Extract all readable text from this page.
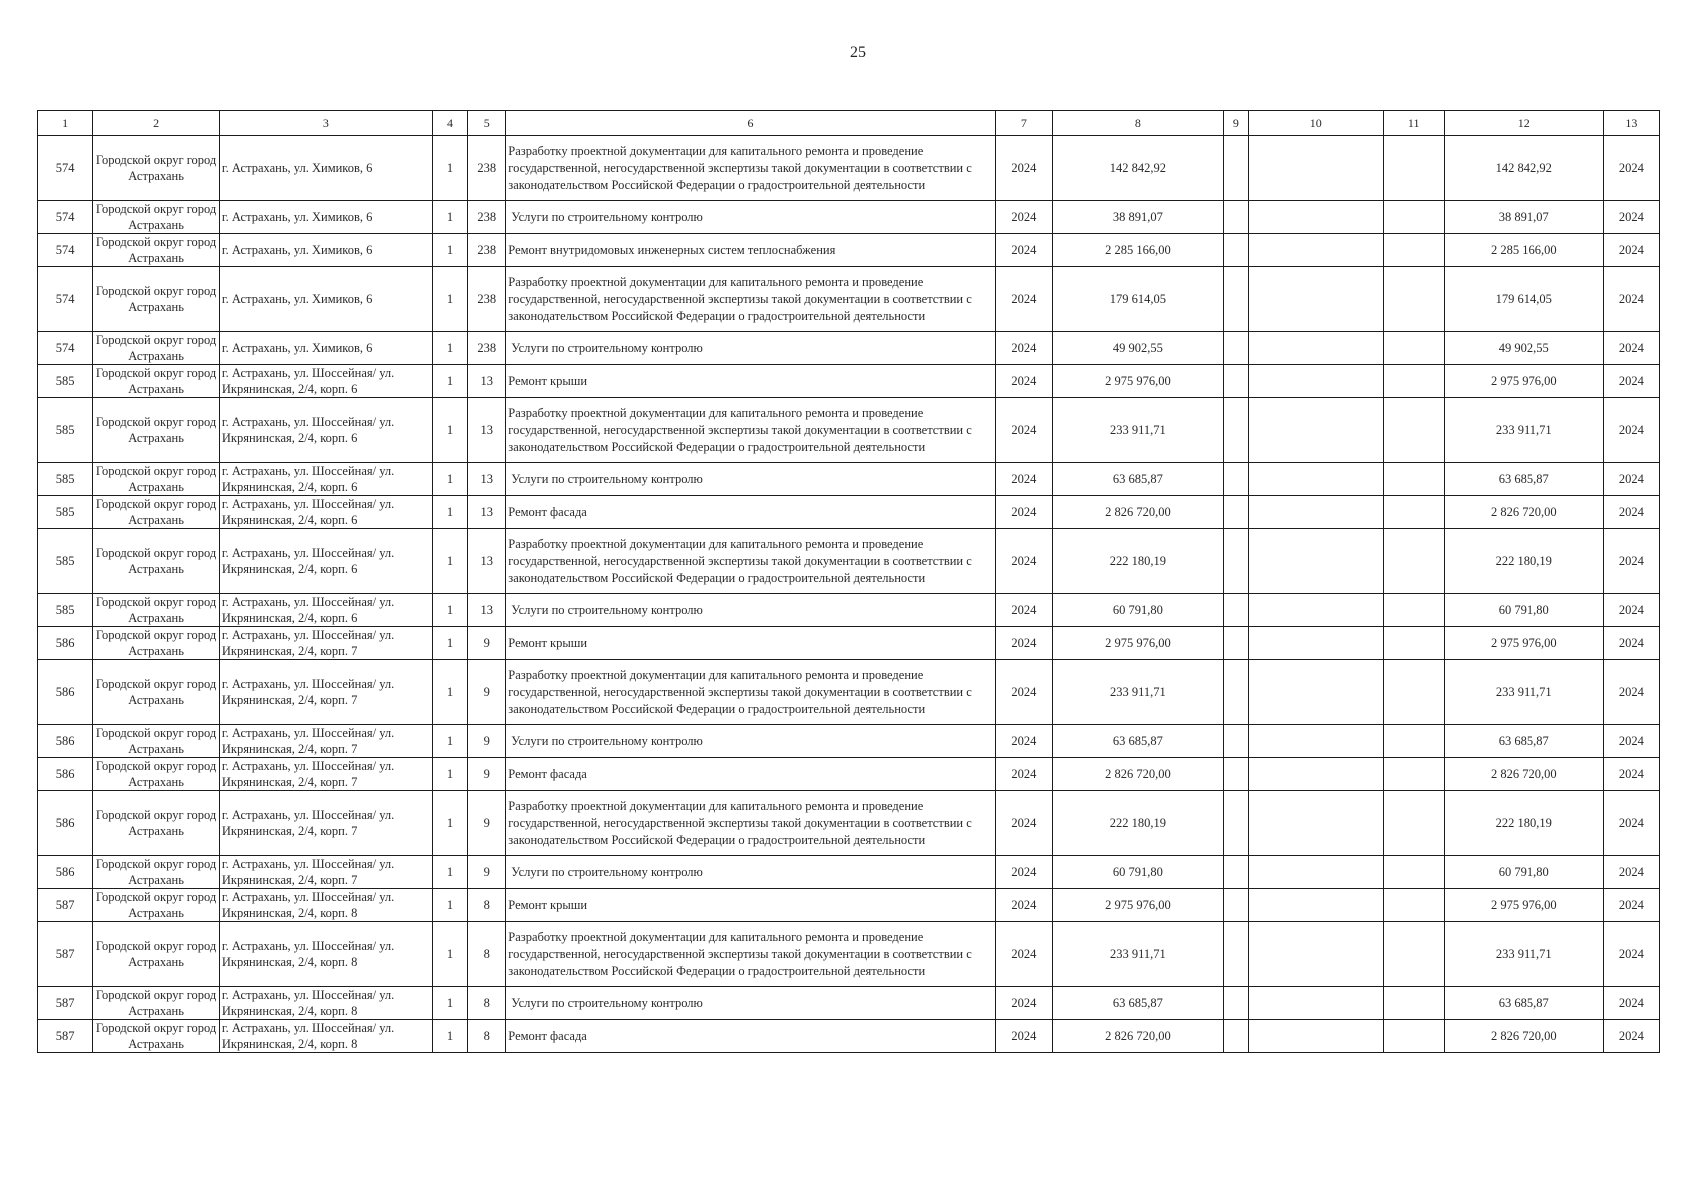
25
1	2	3	4	5	6	7	8	9	10	11	12	13
574	Городской округ город Астрахань	г. Астрахань, ул. Химиков, 6	1	238	Разработку проектной документации для капитального ремонта и проведение государственной, негосударственной экспертизы такой документации в соответствии с законодательством Российской Федерации о градостроительной деятельности	2024	142 842,92				142 842,92	2024
574	Городской округ город Астрахань	г. Астрахань, ул. Химиков, 6	1	238	Услуги по строительному контролю	2024	38 891,07				38 891,07	2024
574	Городской округ город Астрахань	г. Астрахань, ул. Химиков, 6	1	238	Ремонт внутридомовых инженерных систем теплоснабжения	2024	2 285 166,00				2 285 166,00	2024
574	Городской округ город Астрахань	г. Астрахань, ул. Химиков, 6	1	238	Разработку проектной документации для капитального ремонта и проведение государственной, негосударственной экспертизы такой документации в соответствии с законодательством Российской Федерации о градостроительной деятельности	2024	179 614,05				179 614,05	2024
574	Городской округ город Астрахань	г. Астрахань, ул. Химиков, 6	1	238	Услуги по строительному контролю	2024	49 902,55				49 902,55	2024
585	Городской округ город Астрахань	г. Астрахань, ул. Шоссейная/ ул. Икрянинская, 2/4, корп. 6	1	13	Ремонт крыши	2024	2 975 976,00				2 975 976,00	2024
585	Городской округ город Астрахань	г. Астрахань, ул. Шоссейная/ ул. Икрянинская, 2/4, корп. 6	1	13	Разработку проектной документации для капитального ремонта и проведение государственной, негосударственной экспертизы такой документации в соответствии с законодательством Российской Федерации о градостроительной деятельности	2024	233 911,71				233 911,71	2024
585	Городской округ город Астрахань	г. Астрахань, ул. Шоссейная/ ул. Икрянинская, 2/4, корп. 6	1	13	Услуги по строительному контролю	2024	63 685,87				63 685,87	2024
585	Городской округ город Астрахань	г. Астрахань, ул. Шоссейная/ ул. Икрянинская, 2/4, корп. 6	1	13	Ремонт фасада	2024	2 826 720,00				2 826 720,00	2024
585	Городской округ город Астрахань	г. Астрахань, ул. Шоссейная/ ул. Икрянинская, 2/4, корп. 6	1	13	Разработку проектной документации для капитального ремонта и проведение государственной, негосударственной экспертизы такой документации в соответствии с законодательством Российской Федерации о градостроительной деятельности	2024	222 180,19				222 180,19	2024
585	Городской округ город Астрахань	г. Астрахань, ул. Шоссейная/ ул. Икрянинская, 2/4, корп. 6	1	13	Услуги по строительному контролю	2024	60 791,80				60 791,80	2024
586	Городской округ город Астрахань	г. Астрахань, ул. Шоссейная/ ул. Икрянинская, 2/4, корп. 7	1	9	Ремонт крыши	2024	2 975 976,00				2 975 976,00	2024
586	Городской округ город Астрахань	г. Астрахань, ул. Шоссейная/ ул. Икрянинская, 2/4, корп. 7	1	9	Разработку проектной документации для капитального ремонта и проведение государственной, негосударственной экспертизы такой документации в соответствии с законодательством Российской Федерации о градостроительной деятельности	2024	233 911,71				233 911,71	2024
586	Городской округ город Астрахань	г. Астрахань, ул. Шоссейная/ ул. Икрянинская, 2/4, корп. 7	1	9	Услуги по строительному контролю	2024	63 685,87				63 685,87	2024
586	Городской округ город Астрахань	г. Астрахань, ул. Шоссейная/ ул. Икрянинская, 2/4, корп. 7	1	9	Ремонт фасада	2024	2 826 720,00				2 826 720,00	2024
586	Городской округ город Астрахань	г. Астрахань, ул. Шоссейная/ ул. Икрянинская, 2/4, корп. 7	1	9	Разработку проектной документации для капитального ремонта и проведение государственной, негосударственной экспертизы такой документации в соответствии с законодательством Российской Федерации о градостроительной деятельности	2024	222 180,19				222 180,19	2024
586	Городской округ город Астрахань	г. Астрахань, ул. Шоссейная/ ул. Икрянинская, 2/4, корп. 7	1	9	Услуги по строительному контролю	2024	60 791,80				60 791,80	2024
587	Городской округ город Астрахань	г. Астрахань, ул. Шоссейная/ ул. Икрянинская, 2/4, корп. 8	1	8	Ремонт крыши	2024	2 975 976,00				2 975 976,00	2024
587	Городской округ город Астрахань	г. Астрахань, ул. Шоссейная/ ул. Икрянинская, 2/4, корп. 8	1	8	Разработку проектной документации для капитального ремонта и проведение государственной, негосударственной экспертизы такой документации в соответствии с законодательством Российской Федерации о градостроительной деятельности	2024	233 911,71				233 911,71	2024
587	Городской округ город Астрахань	г. Астрахань, ул. Шоссейная/ ул. Икрянинская, 2/4, корп. 8	1	8	Услуги по строительному контролю	2024	63 685,87				63 685,87	2024
587	Городской округ город Астрахань	г. Астрахань, ул. Шоссейная/ ул. Икрянинская, 2/4, корп. 8	1	8	Ремонт фасада	2024	2 826 720,00				2 826 720,00	2024
